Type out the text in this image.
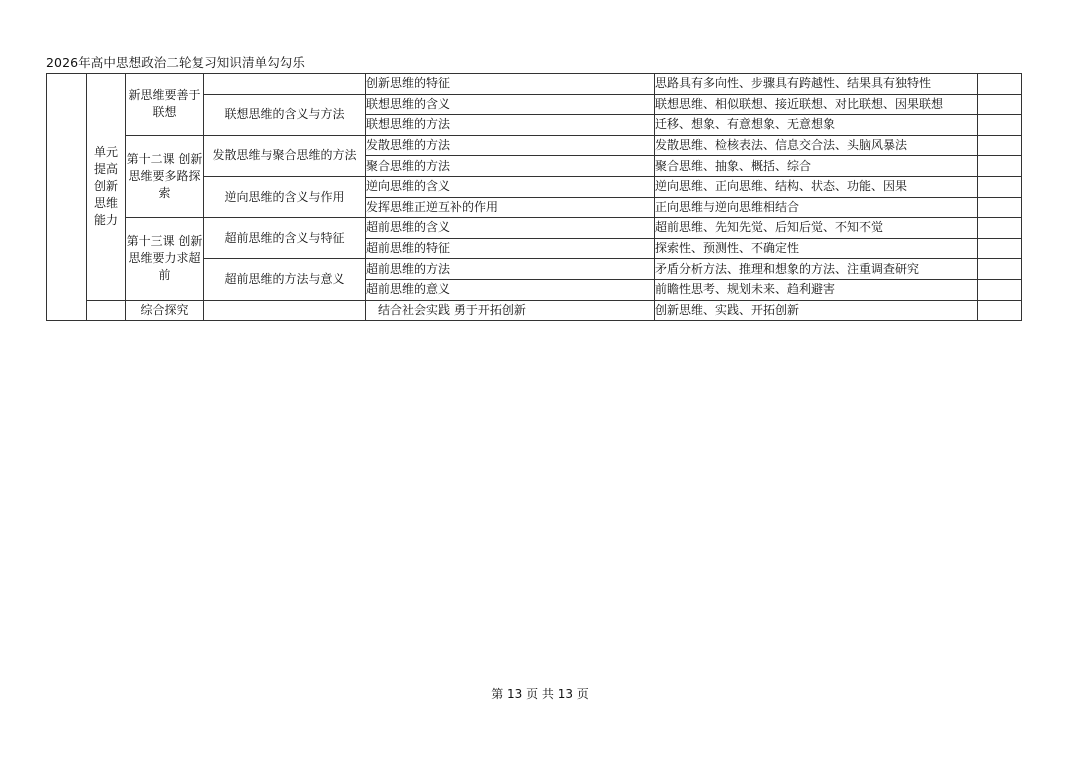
2026年高中思想政治二轮复习知识清单勾勾乐
	单元提高创新思维能力	新思维要善于联想		创新思维的特征	思路具有多向性、步骤具有跨越性、结果具有独特性	
			联想思维的含义与方法	联想思维的含义	联想思维、相似联想、接近联想、对比联想、因果联想	
				联想思维的方法	迁移、想象、有意想象、无意想象	
		第十二课 创新思维要多路探索	发散思维与聚合思维的方法	发散思维的方法	发散思维、检核表法、信息交合法、头脑风暴法	
				聚合思维的方法	聚合思维、抽象、概括、综合	
			逆向思维的含义与作用	逆向思维的含义	逆向思维、正向思维、结构、状态、功能、因果	
				发挥思维正逆互补的作用	正向思维与逆向思维相结合	
		第十三课 创新思维要力求超前	超前思维的含义与特征	超前思维的含义	超前思维、先知先觉、后知后觉、不知不觉	
				超前思维的特征	探索性、预测性、不确定性	
			超前思维的方法与意义	超前思维的方法	矛盾分析方法、推理和想象的方法、注重调查研究	
				超前思维的意义	前瞻性思考、规划未来、趋利避害	
		综合探究		结合社会实践 勇于开拓创新	创新思维、实践、开拓创新	
第 13 页 共 13 页
